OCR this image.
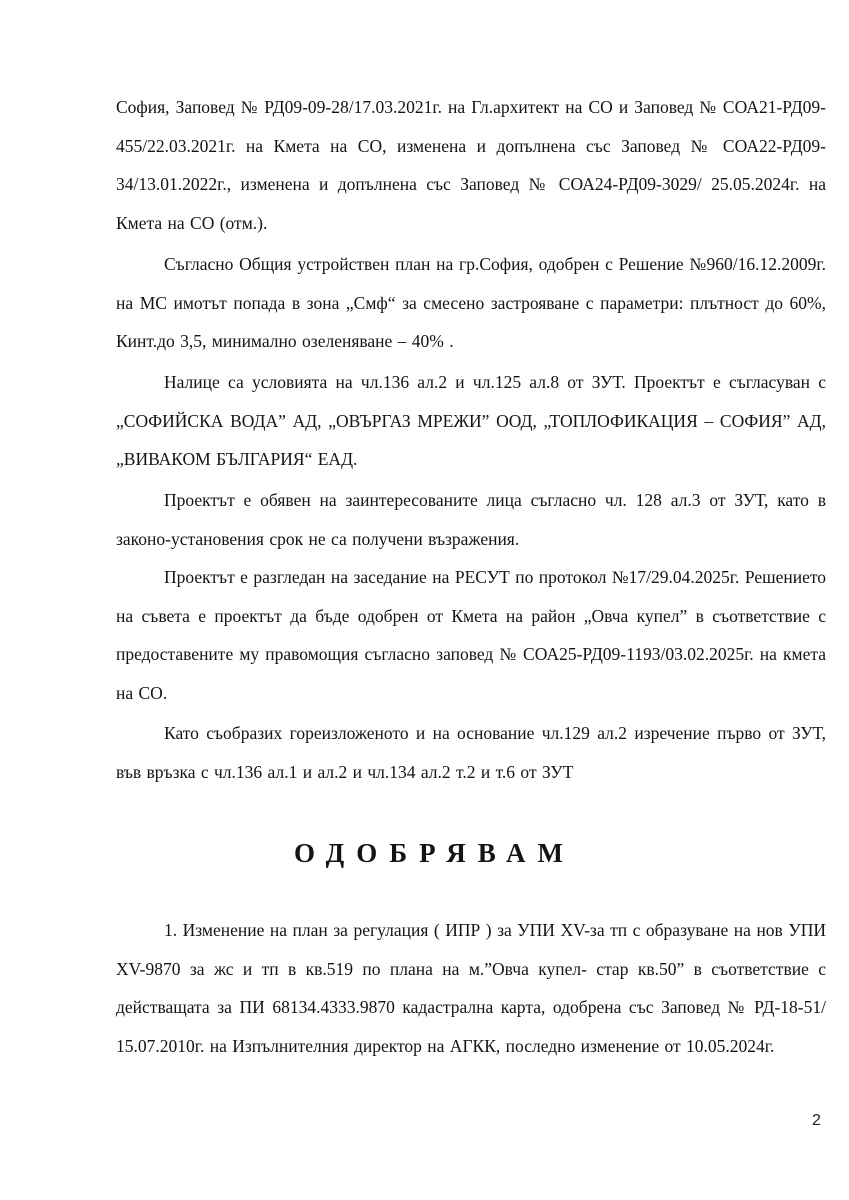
София, Заповед № РД09-09-28/17.03.2021г. на Гл.архитект на СО и Заповед № СОА21-РД09-455/22.03.2021г. на Кмета на СО, изменена и допълнена със Заповед № СОА22-РД09-34/13.01.2022г., изменена и допълнена със Заповед № СОА24-РД09-3029/ 25.05.2024г. на Кмета на СО (отм.).

Съгласно Общия устройствен план на гр.София, одобрен с Решение №960/16.12.2009г. на МС имотът попада в зона „Смф“ за смесено застрояване с параметри: плътност до 60%, Кинт.до 3,5, минимално озеленяване – 40% .

Налице са условията на чл.136 ал.2 и чл.125 ал.8 от ЗУТ. Проектът е съгласуван с „СОФИЙСКА ВОДА” АД, „ОВЪРГАЗ МРЕЖИ” ООД, „ТОПЛОФИКАЦИЯ – СОФИЯ” АД, „ВИВАКОМ БЪЛГАРИЯ“ ЕАД.

Проектът е обявен на заинтересованите лица съгласно чл. 128 ал.3 от ЗУТ, като в законо-установения срок не са получени възражения.

Проектът е разгледан на заседание на РЕСУТ по протокол №17/29.04.2025г. Решението на съвета е проектът да бъде одобрен от Кмета на район „Овча купел” в съответствие с предоставените му правомощия съгласно заповед № СОА25-РД09-1193/03.02.2025г. на кмета на СО.

Като съобразих гореизложеното и на основание чл.129 ал.2 изречение първо от ЗУТ, във връзка с чл.136 ал.1 и ал.2 и чл.134 ал.2 т.2 и т.6 от ЗУТ

ОДОБРЯВАМ

1. Изменение на план за регулация ( ИПР ) за УПИ XV-за тп с образуване на нов УПИ XV-9870 за жс и тп в кв.519 по плана на м.”Овча купел- стар кв.50” в съответствие с действащата за ПИ 68134.4333.9870 кадастрална карта, одобрена със Заповед № РД-18-51/ 15.07.2010г. на Изпълнителния директор на АГКК, последно изменение от 10.05.2024г.

2
